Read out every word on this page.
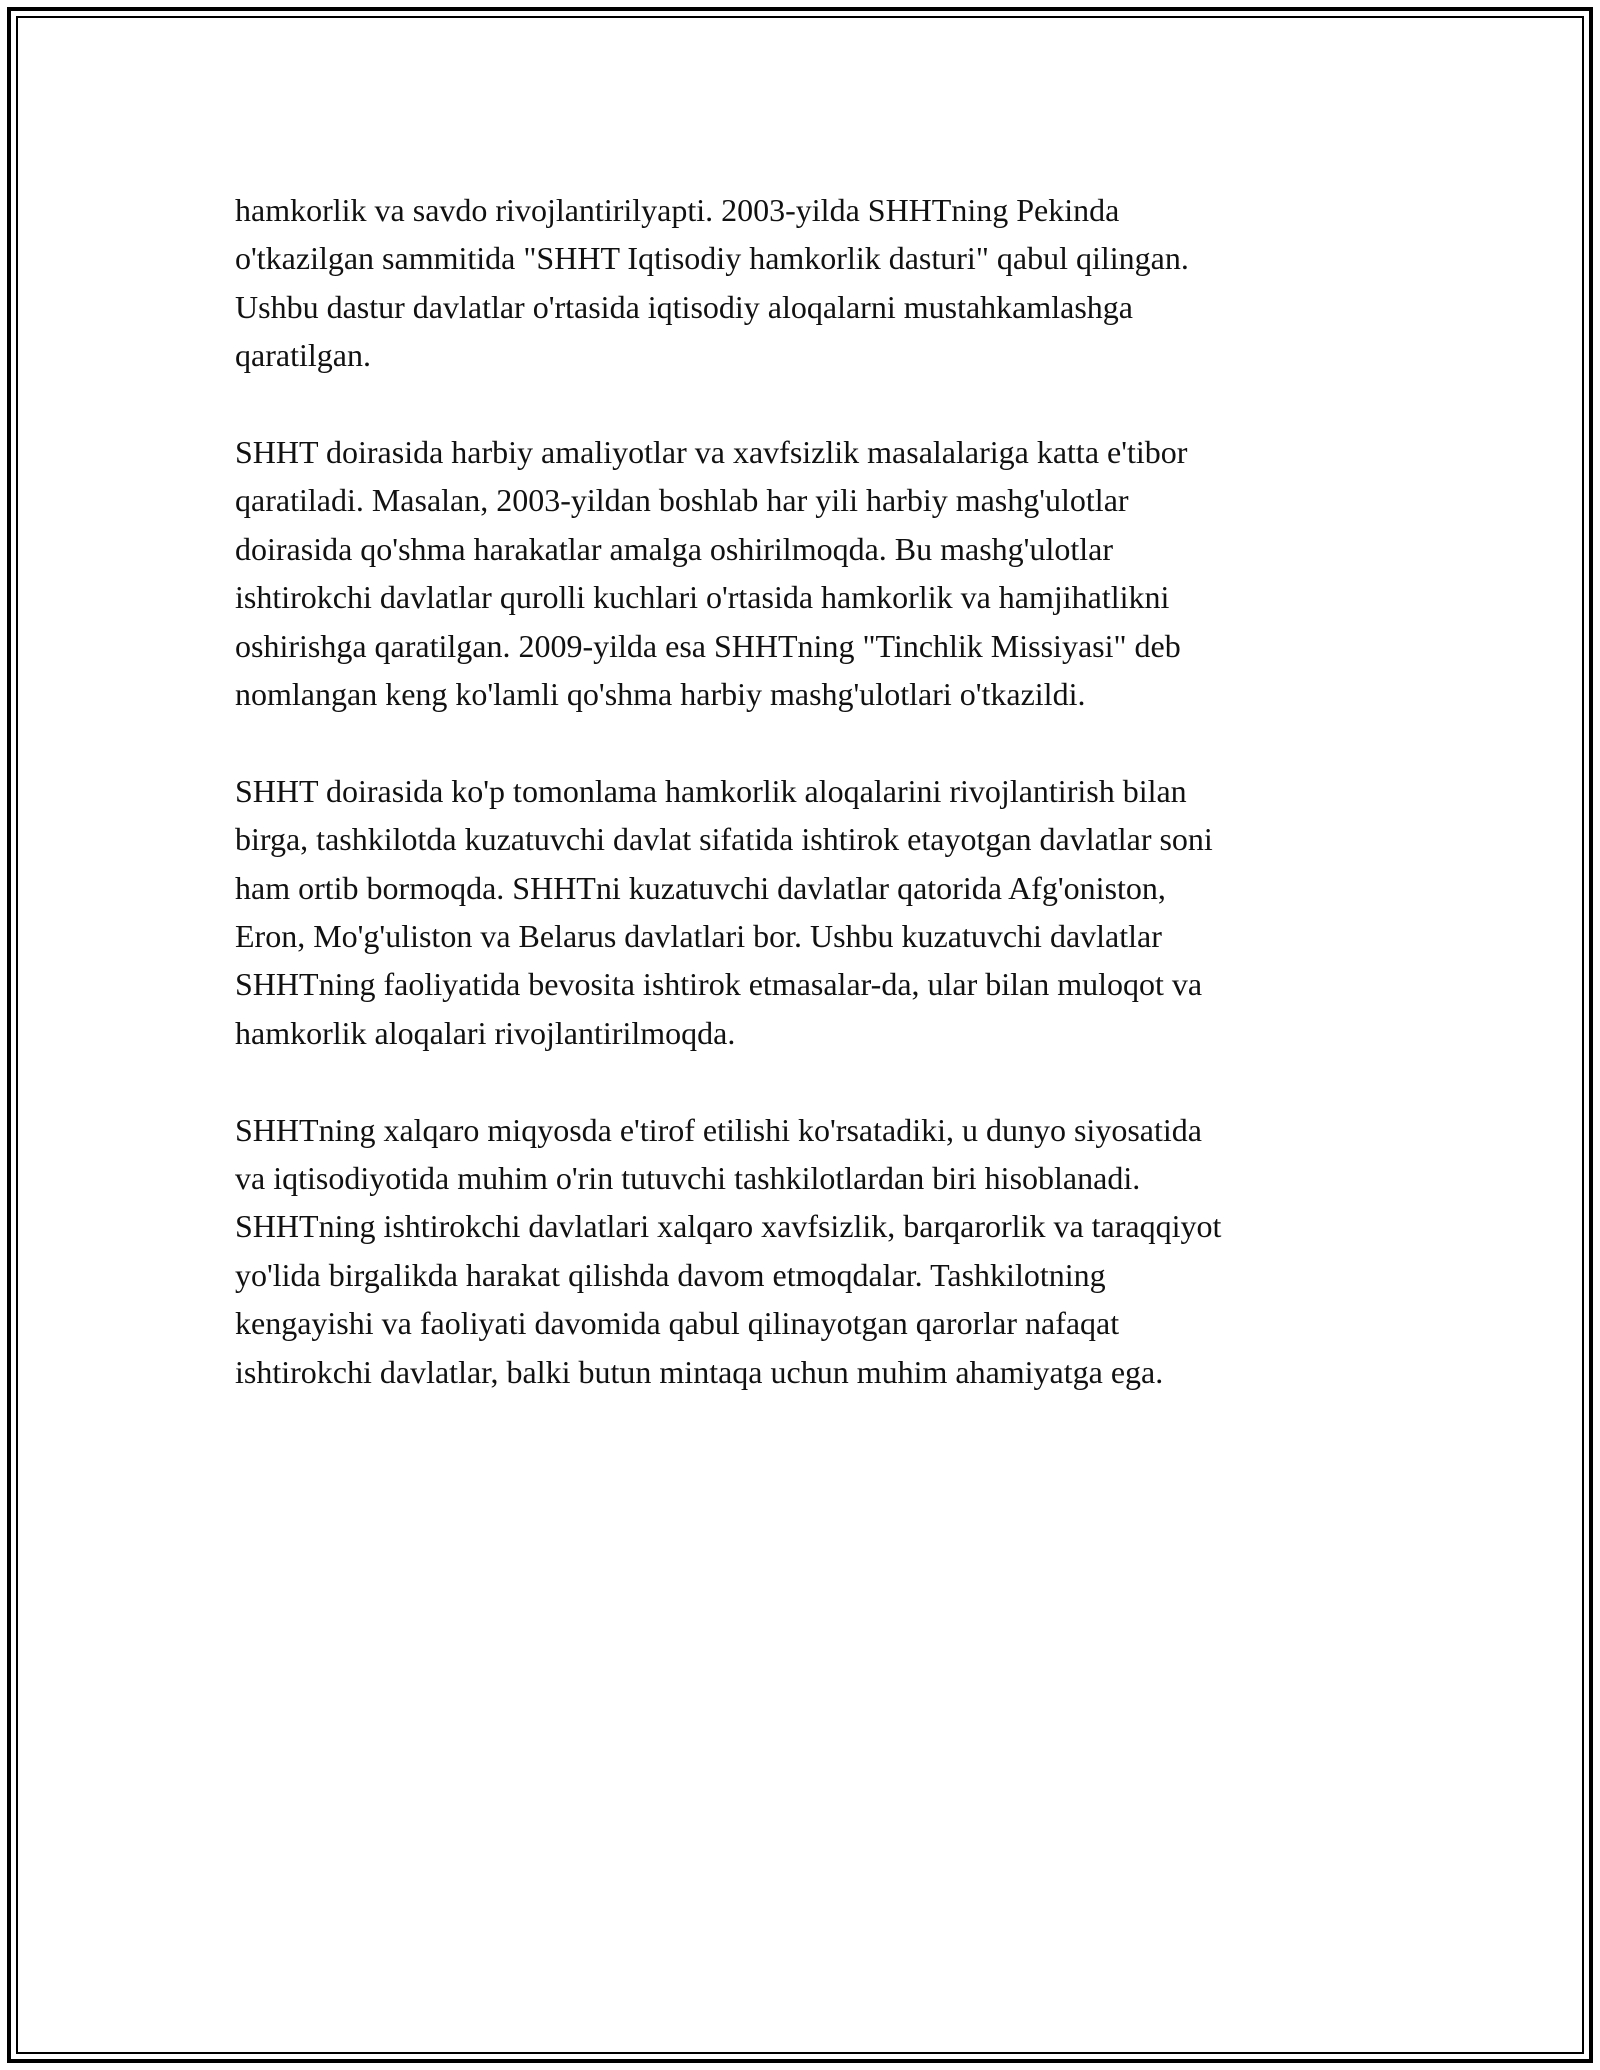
hamkorlik va savdo rivojlantirilyapti. 2003-yilda SHHTning Pekinda
o'tkazilgan sammitida "SHHT Iqtisodiy hamkorlik dasturi" qabul qilingan.
Ushbu dastur davlatlar o'rtasida iqtisodiy aloqalarni mustahkamlashga
qaratilgan.

SHHT doirasida harbiy amaliyotlar va xavfsizlik masalalariga katta e'tibor
qaratiladi. Masalan, 2003-yildan boshlab har yili harbiy mashg'ulotlar
doirasida qo'shma harakatlar amalga oshirilmoqda. Bu mashg'ulotlar
ishtirokchi davlatlar qurolli kuchlari o'rtasida hamkorlik va hamjihatlikni
oshirishga qaratilgan. 2009-yilda esa SHHTning "Tinchlik Missiyasi" deb
nomlangan keng ko'lamli qo'shma harbiy mashg'ulotlari o'tkazildi.

SHHT doirasida ko'p tomonlama hamkorlik aloqalarini rivojlantirish bilan
birga, tashkilotda kuzatuvchi davlat sifatida ishtirok etayotgan davlatlar soni
ham ortib bormoqda. SHHTni kuzatuvchi davlatlar qatorida Afg'oniston,
Eron, Mo'g'uliston va Belarus davlatlari bor. Ushbu kuzatuvchi davlatlar
SHHTning faoliyatida bevosita ishtirok etmasalar-da, ular bilan muloqot va
hamkorlik aloqalari rivojlantirilmoqda.

SHHTning xalqaro miqyosda e'tirof etilishi ko'rsatadiki, u dunyo siyosatida
va iqtisodiyotida muhim o'rin tutuvchi tashkilotlardan biri hisoblanadi.
SHHTning ishtirokchi davlatlari xalqaro xavfsizlik, barqarorlik va taraqqiyot
yo'lida birgalikda harakat qilishda davom etmoqdalar. Tashkilotning
kengayishi va faoliyati davomida qabul qilinayotgan qarorlar nafaqat
ishtirokchi davlatlar, balki butun mintaqa uchun muhim ahamiyatga ega.
